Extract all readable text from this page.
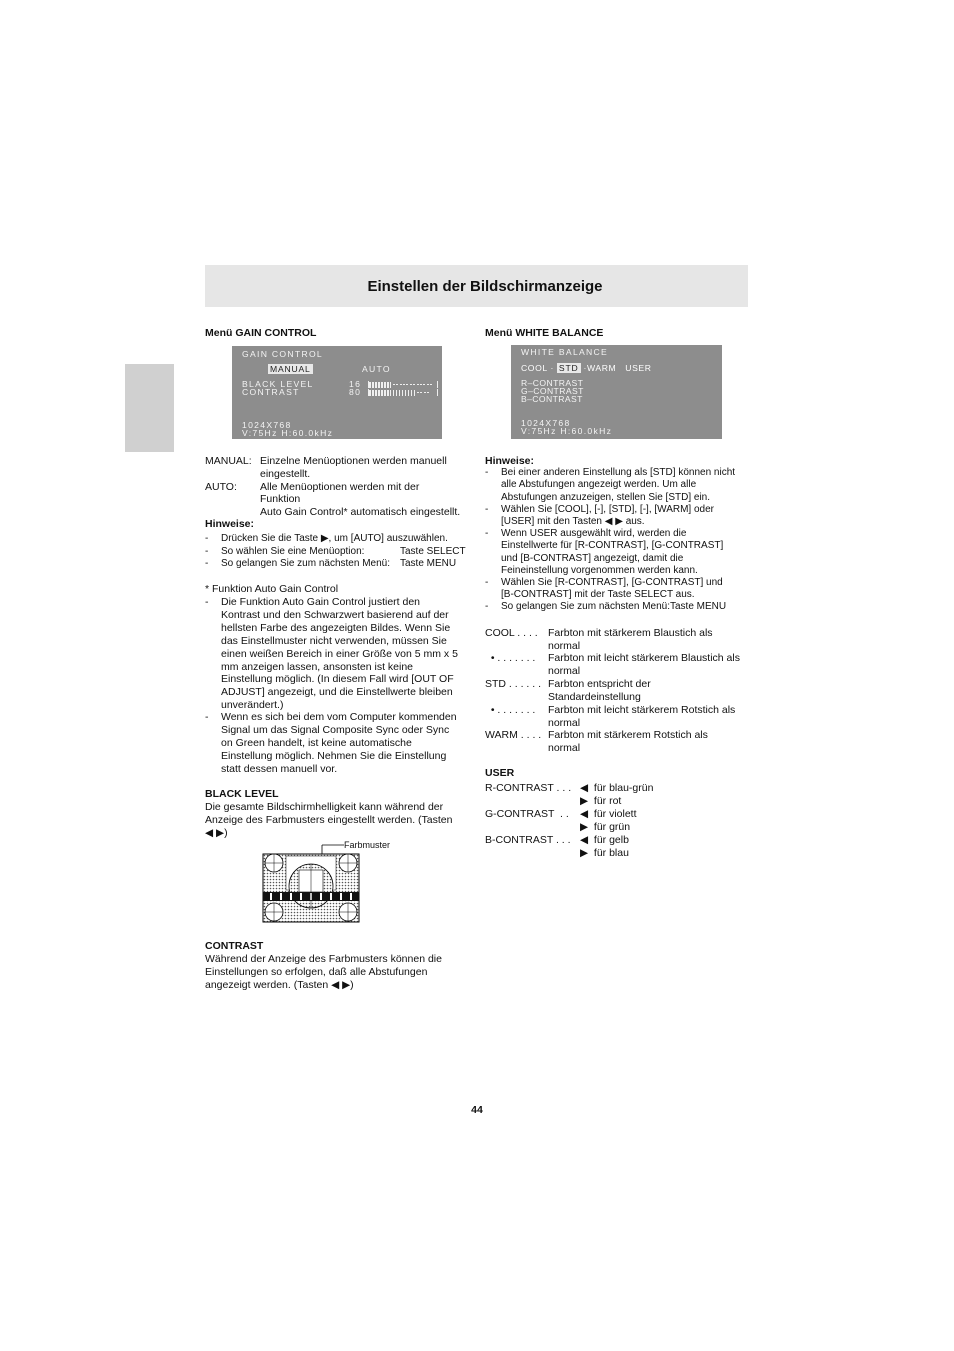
Einstellen der Bildschirmanzeige
Menü GAIN CONTROL
GAIN CONTROL
MANUAL	AUTO
BLACK LEVEL
CONTRAST
16
80
1024X768
V:75Hz H:60.0kHz
MANUAL: Einzelne Menüoptionen werden manuell
eingestellt.
AUTO: Alle Menüoptionen werden mit der
Funktion
Auto Gain Control* automatisch eingestellt.
Hinweise:
- Drücken Sie die Taste ▶, um [AUTO] auszuwählen.
- So wählen Sie eine Menüoption:	Taste SELECT
- So gelangen Sie zum nächsten Menü: Taste MENU
* Funktion Auto Gain Control
- Die Funktion Auto Gain Control justiert den
Kontrast und den Schwarzwert basierend auf der
hellsten Farbe des angezeigten Bildes. Wenn Sie
das Einstellmuster nicht verwenden, müssen Sie
einen weißen Bereich in einer Größe von 5 mm x 5
mm anzeigen lassen, ansonsten ist keine
Einstellung möglich. (In diesem Fall wird [OUT OF
ADJUST] angezeigt, und die Einstellwerte bleiben
unverändert.)
- Wenn es sich bei dem vom Computer kommenden
Signal um das Signal Composite Sync oder Sync
on Green handelt, ist keine automatische
Einstellung möglich. Nehmen Sie die Einstellung
statt dessen manuell vor.
BLACK LEVEL
Die gesamte Bildschirmhelligkeit kann während der
Anzeige des Farbmusters eingestellt werden. (Tasten
◀ ▶)
Farbmuster
CONTRAST
Während der Anzeige des Farbmusters können die
Einstellungen so erfolgen, daß alle Abstufungen
angezeigt werden. (Tasten ◀ ▶)
Menü WHITE BALANCE
WHITE BALANCE
COOL · STD ·WARM USER
R–CONTRAST
G–CONTRAST
B–CONTRAST
1024X768
V:75Hz H:60.0kHz
Hinweise:
- Bei einer anderen Einstellung als [STD] können nicht
alle Abstufungen angezeigt werden. Um alle
Abstufungen anzuzeigen, stellen Sie [STD] ein.
- Wählen Sie [COOL], [-], [STD], [-], [WARM] oder
[USER] mit den Tasten ◀ ▶ aus.
- Wenn USER ausgewählt wird, werden die
Einstellwerte für [R-CONTRAST], [G-CONTRAST]
und [B-CONTRAST] angezeigt, damit die
Feineinstellung vorgenommen werden kann.
- Wählen Sie [R-CONTRAST], [G-CONTRAST] und
[B-CONTRAST] mit der Taste SELECT aus.
- So gelangen Sie zum nächsten Menü:Taste MENU
COOL . . . . Farbton mit stärkerem Blaustich als
normal
• . . . . . . . Farbton mit leicht stärkerem Blaustich als
normal
STD . . . . . . Farbton entspricht der
Standardeinstellung
• . . . . . . . Farbton mit leicht stärkerem Rotstich als
normal
WARM . . . . Farbton mit stärkerem Rotstich als
normal
USER
R-CONTRAST . . . ◀  für blau-grün
▶  für rot
G-CONTRAST  . . ◀  für violett
▶  für grün
B-CONTRAST . . . ◀  für gelb
▶  für blau
44
